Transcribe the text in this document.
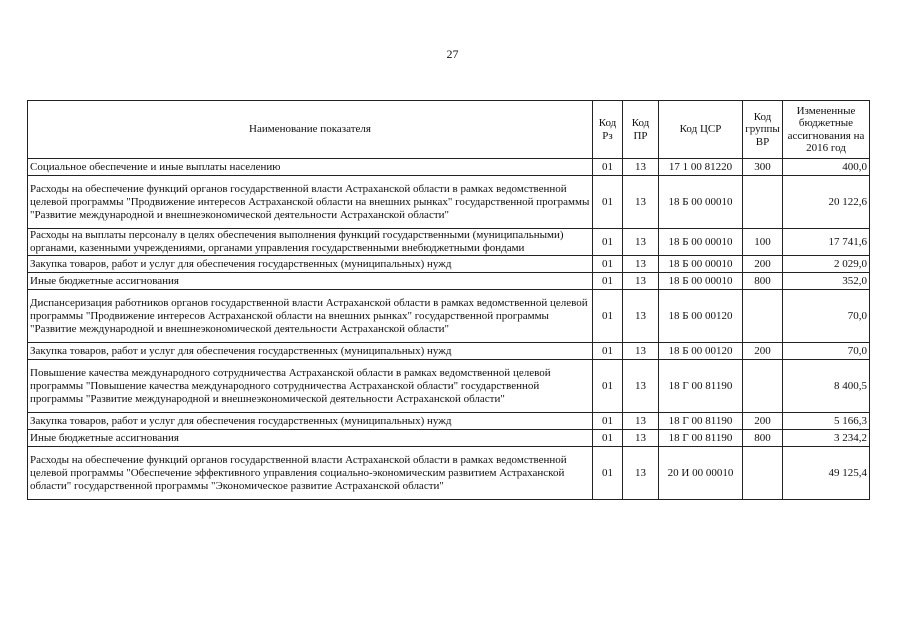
27
Наименование показателя	Код Рз	Код ПР	Код ЦСР	Код группы ВР	Измененные бюджетные ассигнования на 2016 год
Социальное обеспечение и иные выплаты населению	01	13	17 1 00 81220	300	400,0
Расходы на обеспечение функций органов государственной власти Астраханской области в рамках ведомственной целевой программы "Продвижение интересов Астраханской области на внешних рынках" государственной программы "Развитие международной и внешнеэкономической деятельности Астраханской области"	01	13	18 Б 00 00010		20 122,6
Расходы на выплаты персоналу в целях обеспечения выполнения функций государственными (муниципальными) органами, казенными учреждениями, органами управления государственными внебюджетными фондами	01	13	18 Б 00 00010	100	17 741,6
Закупка товаров, работ и услуг для обеспечения государственных (муниципальных) нужд	01	13	18 Б 00 00010	200	2 029,0
Иные бюджетные ассигнования	01	13	18 Б 00 00010	800	352,0
Диспансеризация работников органов государственной власти Астраханской области в рамках ведомственной целевой программы "Продвижение интересов Астраханской области на внешних рынках" государственной программы "Развитие международной и внешнеэкономической деятельности Астраханской области"	01	13	18 Б 00 00120		70,0
Закупка товаров, работ и услуг для обеспечения государственных (муниципальных) нужд	01	13	18 Б 00 00120	200	70,0
Повышение качества международного сотрудничества Астраханской области в рамках ведомственной целевой программы "Повышение качества международного сотрудничества Астраханской области" государственной программы "Развитие международной и внешнеэкономической деятельности Астраханской области"	01	13	18 Г 00 81190		8 400,5
Закупка товаров, работ и услуг для обеспечения государственных (муниципальных) нужд	01	13	18 Г 00 81190	200	5 166,3
Иные бюджетные ассигнования	01	13	18 Г 00 81190	800	3 234,2
Расходы на обеспечение функций органов государственной власти Астраханской области в рамках ведомственной целевой программы "Обеспечение эффективного управления социально-экономическим развитием Астраханской области" государственной программы "Экономическое развитие Астраханской области"	01	13	20 И 00 00010		49 125,4
